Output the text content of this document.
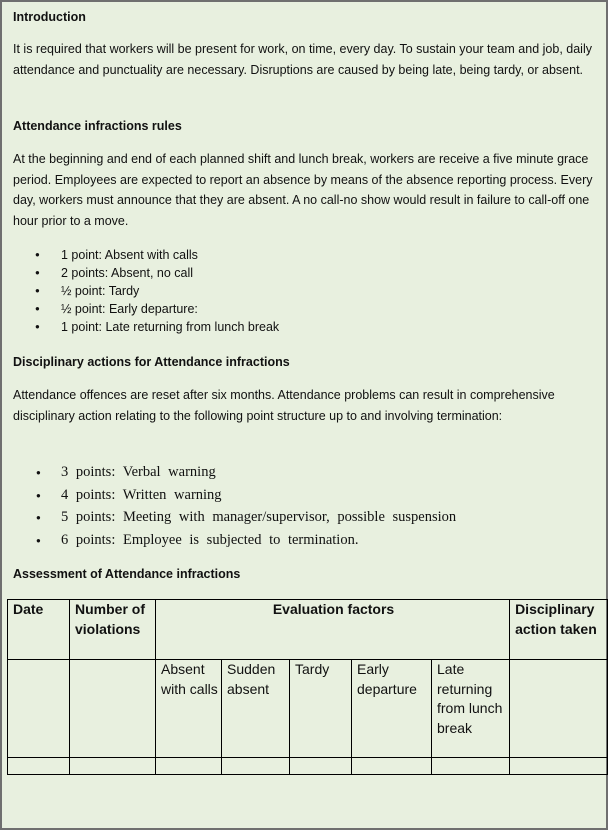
Introduction
It is required that workers will be present for work, on time, every day. To sustain your team and job, daily attendance and punctuality are necessary. Disruptions are caused by being late, being tardy, or absent.
Attendance infractions rules
At the beginning and end of each planned shift and lunch break, workers are receive a five minute grace period. Employees are expected to report an absence by means of the absence reporting process. Every day, workers must announce that they are absent. A no call-no show would result in failure to call-off one hour prior to a move.
● 1 point: Absent with calls
● 2 points: Absent, no call
● ½ point: Tardy
● ½ point: Early departure:
● 1 point: Late returning from lunch break
Disciplinary actions for Attendance infractions
Attendance offences are reset after six months. Attendance problems can result in comprehensive disciplinary action relating to the following point structure up to and involving termination:
● 3 points: Verbal warning
● 4 points: Written warning
● 5 points: Meeting with manager/supervisor, possible suspension
● 6 points: Employee is subjected to termination.
Assessment of Attendance infractions
Date	Number of violations	Evaluation factors					Disciplinary action taken
		Absent with calls	Sudden absent	Tardy	Early departure	Late returning from lunch break	
